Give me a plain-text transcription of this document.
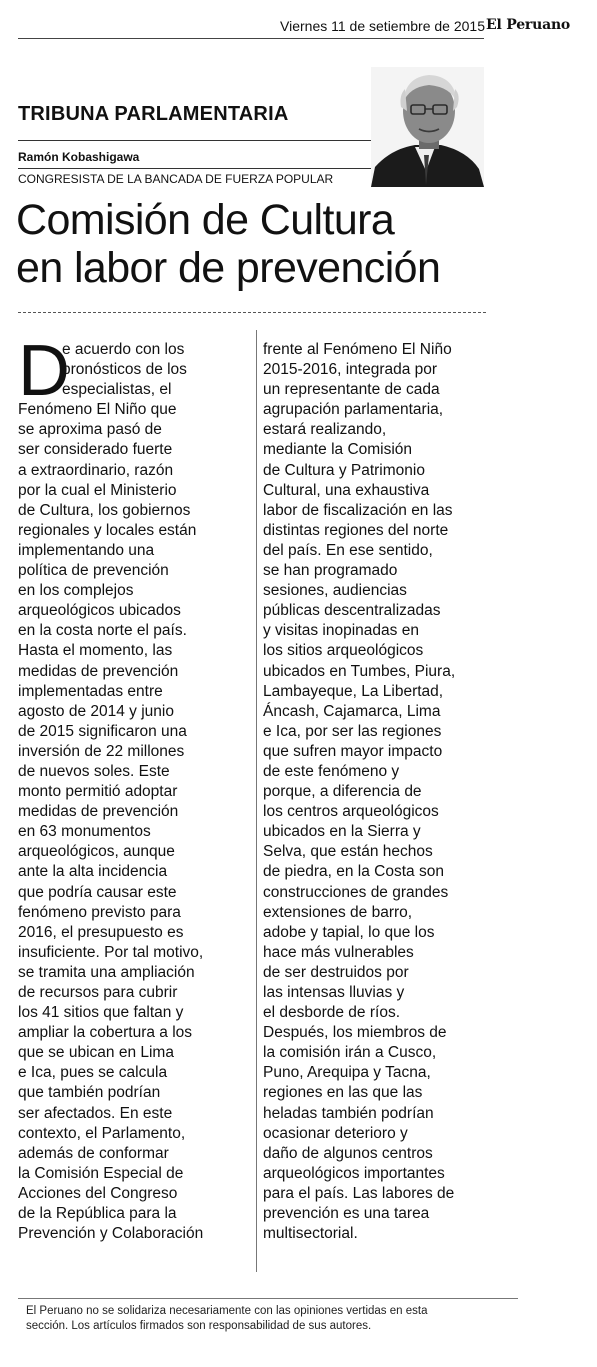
Viernes 11 de setiembre de 2015 El Peruano
TRIBUNA PARLAMENTARIA
Ramón Kobashigawa
CONGRESISTA DE LA BANCADA DE FUERZA POPULAR
Comisión de Cultura
en labor de prevención
D
e acuerdo con los
pronósticos de los
especialistas, el
Fenómeno El Niño que
se aproxima pasó de
ser considerado fuerte
a extraordinario, razón
por la cual el Ministerio
de Cultura, los gobiernos
regionales y locales están
implementando una
política de prevención
en los complejos
arqueológicos ubicados
en la costa norte el país.
Hasta el momento, las
medidas de prevención
implementadas entre
agosto de 2014 y junio
de 2015 significaron una
inversión de 22 millones
de nuevos soles. Este
monto permitió adoptar
medidas de prevención
en 63 monumentos
arqueológicos, aunque
ante la alta incidencia
que podría causar este
fenómeno previsto para
2016, el presupuesto es
insuficiente. Por tal motivo,
se tramita una ampliación
de recursos para cubrir
los 41 sitios que faltan y
ampliar la cobertura a los
que se ubican en Lima
e Ica, pues se calcula
que también podrían
ser afectados. En este
contexto, el Parlamento,
además de conformar
la Comisión Especial de
Acciones del Congreso
de la República para la
Prevención y Colaboración
frente al Fenómeno El Niño
2015-2016, integrada por
un representante de cada
agrupación parlamentaria,
estará realizando,
mediante la Comisión
de Cultura y Patrimonio
Cultural, una exhaustiva
labor de fiscalización en las
distintas regiones del norte
del país. En ese sentido,
se han programado
sesiones, audiencias
públicas descentralizadas
y visitas inopinadas en
los sitios arqueológicos
ubicados en Tumbes, Piura,
Lambayeque, La Libertad,
Áncash, Cajamarca, Lima
e Ica, por ser las regiones
que sufren mayor impacto
de este fenómeno y
porque, a diferencia de
los centros arqueológicos
ubicados en la Sierra y
Selva, que están hechos
de piedra, en la Costa son
construcciones de grandes
extensiones de barro,
adobe y tapial, lo que los
hace más vulnerables
de ser destruidos por
las intensas lluvias y
el desborde de ríos.
Después, los miembros de
la comisión irán a Cusco,
Puno, Arequipa y Tacna,
regiones en las que las
heladas también podrían
ocasionar deterioro y
daño de algunos centros
arqueológicos importantes
para el país. Las labores de
prevención es una tarea
multisectorial.
El Peruano no se solidariza necesariamente con las opiniones vertidas en esta
sección. Los artículos firmados son responsabilidad de sus autores.
